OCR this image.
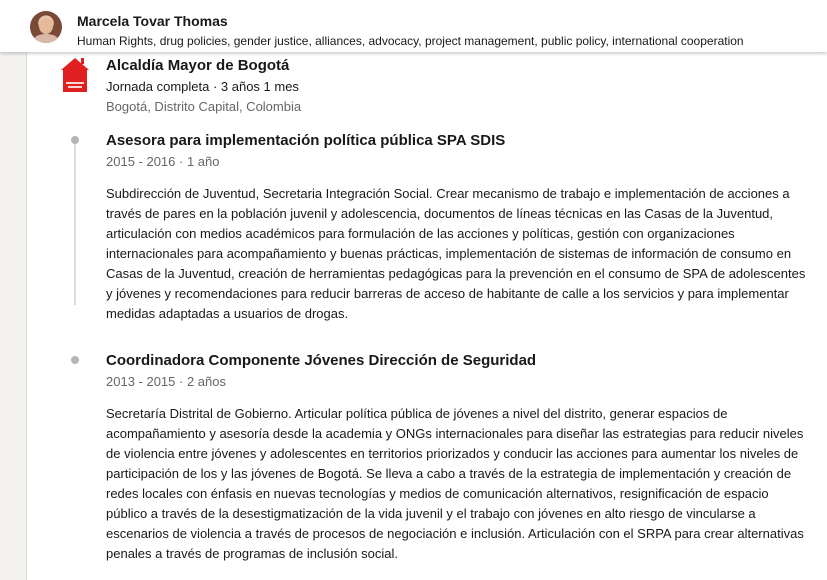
Marcela Tovar Thomas
Human Rights, drug policies, gender justice, alliances, advocacy, project management, public policy, international cooperation
Alcaldía Mayor de Bogotá
Jornada completa · 3 años 1 mes
Bogotá, Distrito Capital, Colombia
Asesora para implementación política pública SPA SDIS
2015 - 2016 · 1 año

Subdirección de Juventud, Secretaria Integración Social. Crear mecanismo de trabajo e implementación de acciones a través de pares en la población juvenil y adolescencia, documentos de líneas técnicas en las Casas de la Juventud, articulación con medios académicos para formulación de las acciones y políticas, gestión con organizaciones internacionales para acompañamiento y buenas prácticas, implementación de sistemas de información de consumo en Casas de la Juventud, creación de herramientas pedagógicas para la prevención en el consumo de SPA de adolescentes y jóvenes y recomendaciones para reducir barreras de acceso de habitante de calle a los servicios y para implementar medidas adaptadas a usuarios de drogas.

Coordinadora Componente Jóvenes Dirección de Seguridad
2013 - 2015 · 2 años

Secretaría Distrital de Gobierno. Articular política pública de jóvenes a nivel del distrito, generar espacios de acompañamiento y asesoría desde la academia y ONGs internacionales para diseñar las estrategias para reducir niveles de violencia entre jóvenes y adolescentes en territorios priorizados y conducir las acciones para aumentar los niveles de participación de los y las jóvenes de Bogotá. Se lleva a cabo a través de la estrategia de implementación y creación de redes locales con énfasis en nuevas tecnologías y medios de comunicación alternativos, resignificación de espacio público a través de la desestigmatización de la vida juvenil y el trabajo con jóvenes en alto riesgo de vincularse a escenarios de violencia a través de procesos de negociación e inclusión. Articulación con el SRPA para crear alternativas penales a través de programas de inclusión social.
